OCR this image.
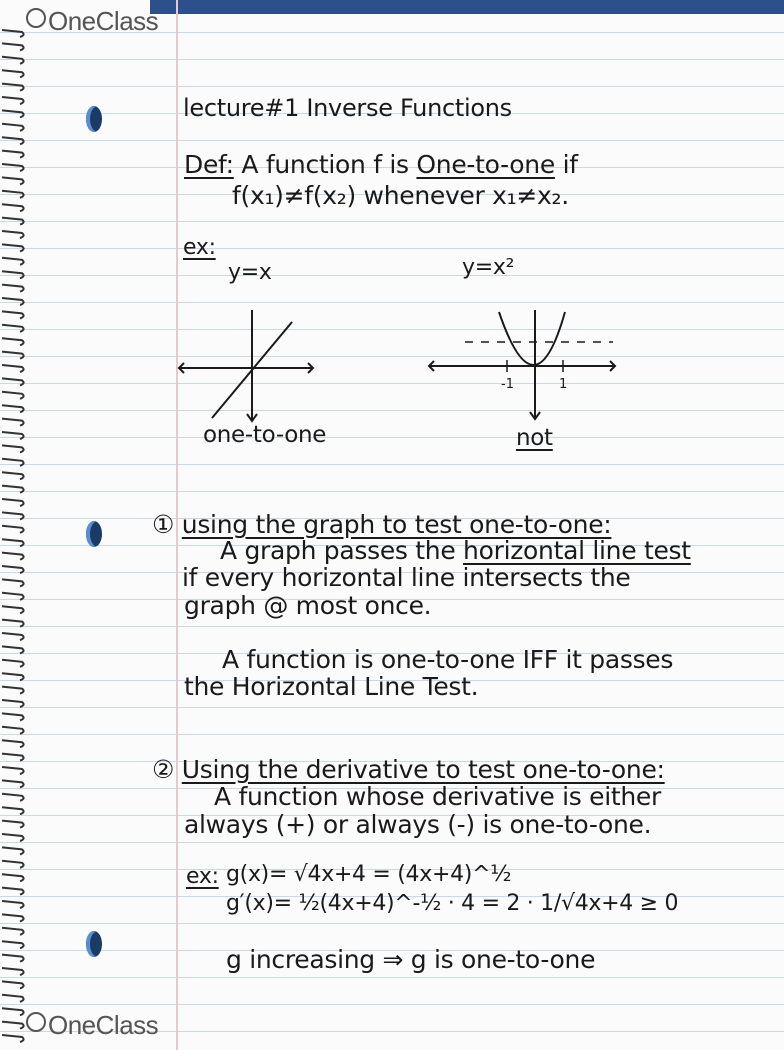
OneClass
OneClass
lecture#1 Inverse Functions
Def: A function f is One-to-one if
f(x₁)≠f(x₂) whenever x₁≠x₂.
ex:
y=x	y=x²
one-to-one
-1	1
not
① using the graph to test one-to-one:
A graph passes the horizontal line test
if every horizontal line intersects the
graph @ most once.
A function is one-to-one IFF it passes
the Horizontal Line Test.
② Using the derivative to test one-to-one:
A function whose derivative is either
always (+) or always (-) is one-to-one.
ex: g(x)= √4x+4 = (4x+4)^½
g′(x)= ½(4x+4)^-½ · 4 = 2 · 1/√4x+4 ≥ 0
g increasing ⇒ g is one-to-one
